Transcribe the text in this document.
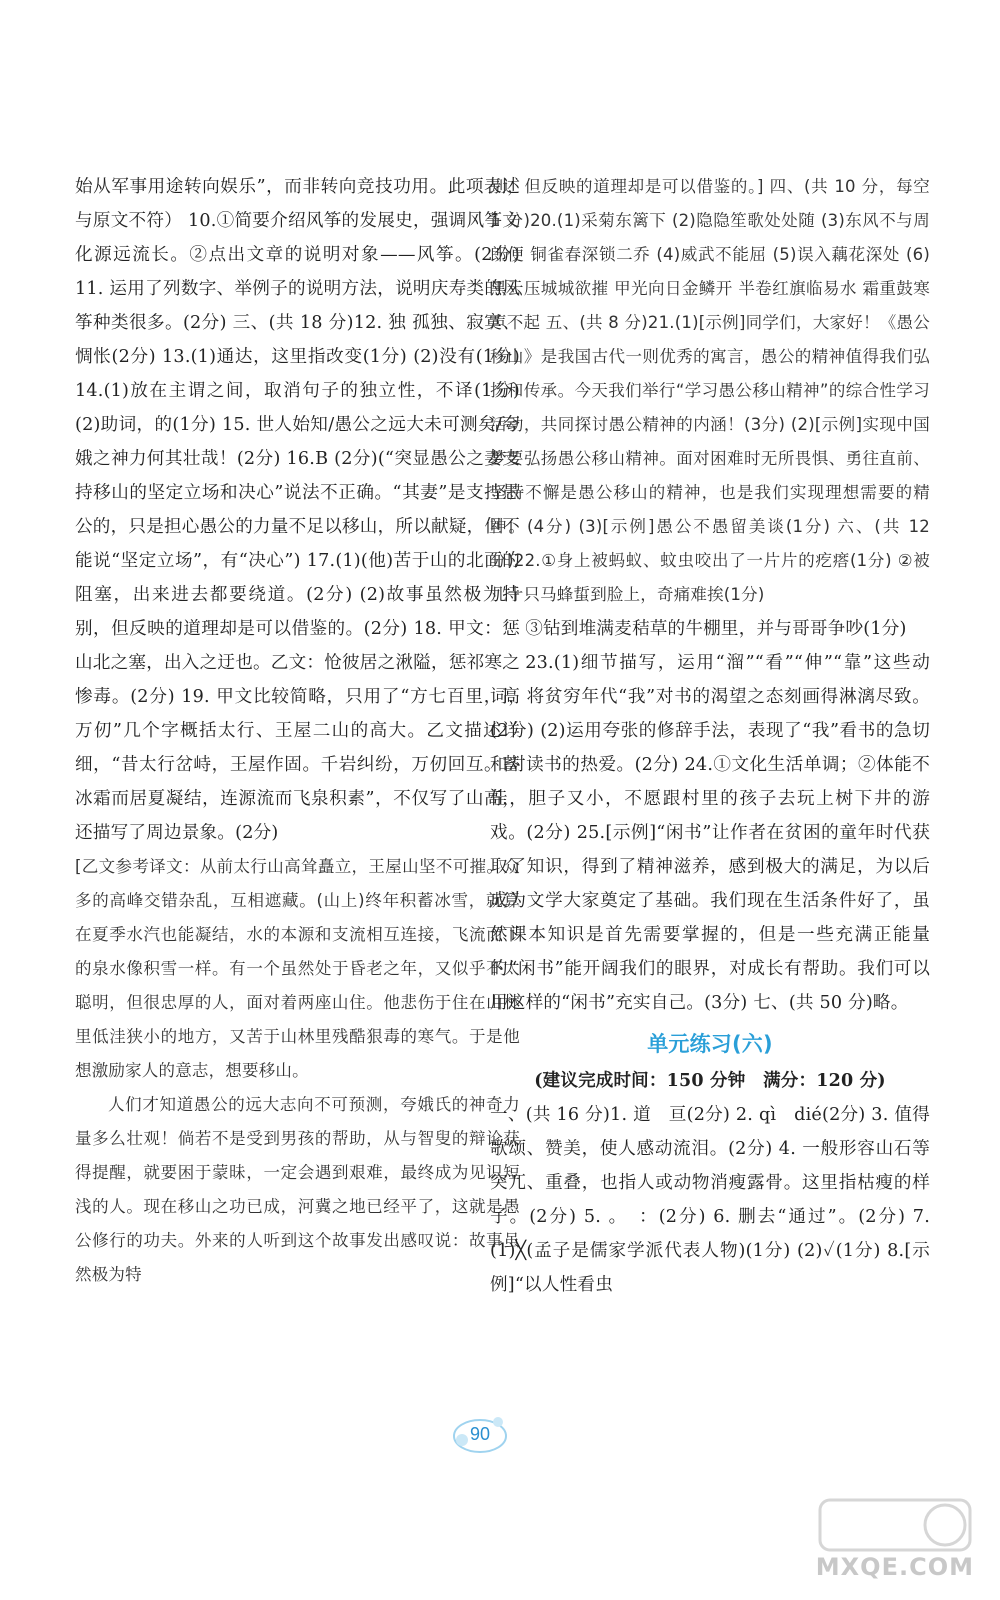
始从军事用途转向娱乐”，而非转向竞技功用。此项表述与原文不符） 10.①简要介绍风筝的发展史，强调风筝文化源远流长。②点出文章的说明对象——风筝。(2分) 11. 运用了列数字、举例子的说明方法，说明庆寿类的风筝种类很多。(2分) 三、(共 18 分)12. 独 孤独、寂寞、惆怅(2分) 13.(1)通达，这里指改变(1分) (2)没有(1分) 14.(1)放在主谓之间，取消句子的独立性，不译(1分) (2)助词，的(1分) 15. 世人始知/愚公之远大未可测矣/夸娥之神力何其壮哉！(2分) 16.B (2分)(“突显愚公之妻支持移山的坚定立场和决心”说法不正确。“其妻”是支持愚公的，只是担心愚公的力量不足以移山，所以献疑，但不能说“坚定立场”，有“决心”) 17.(1)(他)苦于山的北面的阻塞，出来进去都要绕道。(2分) (2)故事虽然极为特别，但反映的道理却是可以借鉴的。(2分) 18. 甲文：惩山北之塞，出入之迂也。乙文：怆彼居之湫隘，惩祁寒之惨毒。(2分) 19. 甲文比较简略，只用了“方七百里，高万仞”几个字概括太行、王屋二山的高大。乙文描述详细，“昔太行岔峙，王屋作固。千岩纠纷，万仞回互。蓄冰霜而居夏凝结，连源流而飞泉积素”，不仅写了山高，还描写了周边景象。(2分)

[乙文参考译文：从前太行山高耸矗立，王屋山坚不可摧。众多的高峰交错杂乱，互相遮藏。(山上)终年积蓄冰雪，就算在夏季水汽也能凝结，水的本源和支流相互连接，飞流而下的泉水像积雪一样。有一个虽然处于昏老之年，又似乎不太聪明，但很忠厚的人，面对着两座山住。他悲伤于住在山林里低洼狭小的地方，又苦于山林里残酷狠毒的寒气。于是他想激励家人的意志，想要移山。

人们才知道愚公的远大志向不可预测，夸娥氏的神奇力量多么壮观！倘若不是受到男孩的帮助，从与智叟的辩论获得提醒，就要困于蒙昧，一定会遇到艰难，最终成为见识短浅的人。现在移山之功已成，河冀之地已经平了，这就是愚公修行的功夫。外来的人听到这个故事发出感叹说：故事虽然极为特

别，但反映的道理却是可以借鉴的。] 四、(共 10 分，每空 1 分)20.(1)采菊东篱下 (2)隐隐笙歌处处随 (3)东风不与周郎便 铜雀春深锁二乔 (4)威武不能屈 (5)误入藕花深处 (6)黑云压城城欲摧 甲光向日金鳞开 半卷红旗临易水 霜重鼓寒声不起 五、(共 8 分)21.(1)[示例]同学们，大家好！《愚公移山》是我国古代一则优秀的寓言，愚公的精神值得我们弘扬和传承。今天我们举行“学习愚公移山精神”的综合性学习活动，共同探讨愚公精神的内涵！(3分) (2)[示例]实现中国梦要弘扬愚公移山精神。面对困难时无所畏惧、勇往直前、坚持不懈是愚公移山的精神，也是我们实现理想需要的精神。(4分) (3)[示例]愚公不愚留美谈(1分) 六、(共 12分)22.①身上被蚂蚁、蚊虫咬出了一片片的疙瘩(1分) ②被几十只马蜂蜇到脸上，奇痛难挨(1分)

③钻到堆满麦秸草的牛棚里，并与哥哥争吵(1分)

23.(1)细节描写，运用“溜”“看”“伸”“靠”这些动词，将贫穷年代“我”对书的渴望之态刻画得淋漓尽致。(2分) (2)运用夸张的修辞手法，表现了“我”看书的急切和对读书的热爱。(2分) 24.①文化生活单调；②体能不佳，胆子又小，不愿跟村里的孩子去玩上树下井的游戏。(2分) 25.[示例]“闲书”让作者在贫困的童年时代获取了知识，得到了精神滋养，感到极大的满足，为以后成为文学大家奠定了基础。我们现在生活条件好了，虽然课本知识是首先需要掌握的，但是一些充满正能量的“闲书”能开阔我们的眼界，对成长有帮助。我们可以用这样的“闲书”充实自己。(3分) 七、(共 50 分)略。

单元练习(六)
(建议完成时间：150 分钟　满分：120 分)

一、(共 16 分)1. 道　亘(2分) 2. qì　dié(2分) 3. 值得歌颂、赞美，使人感动流泪。(2分) 4. 一般形容山石等突兀、重叠，也指人或动物消瘦露骨。这里指枯瘦的样子。(2分) 5. 。　：(2分) 6. 删去“通过”。(2分) 7.(1)╳(孟子是儒家学派代表人物)(1分) (2)✓(1分) 8.[示例]“以人性看虫

90
MXQE.COM
